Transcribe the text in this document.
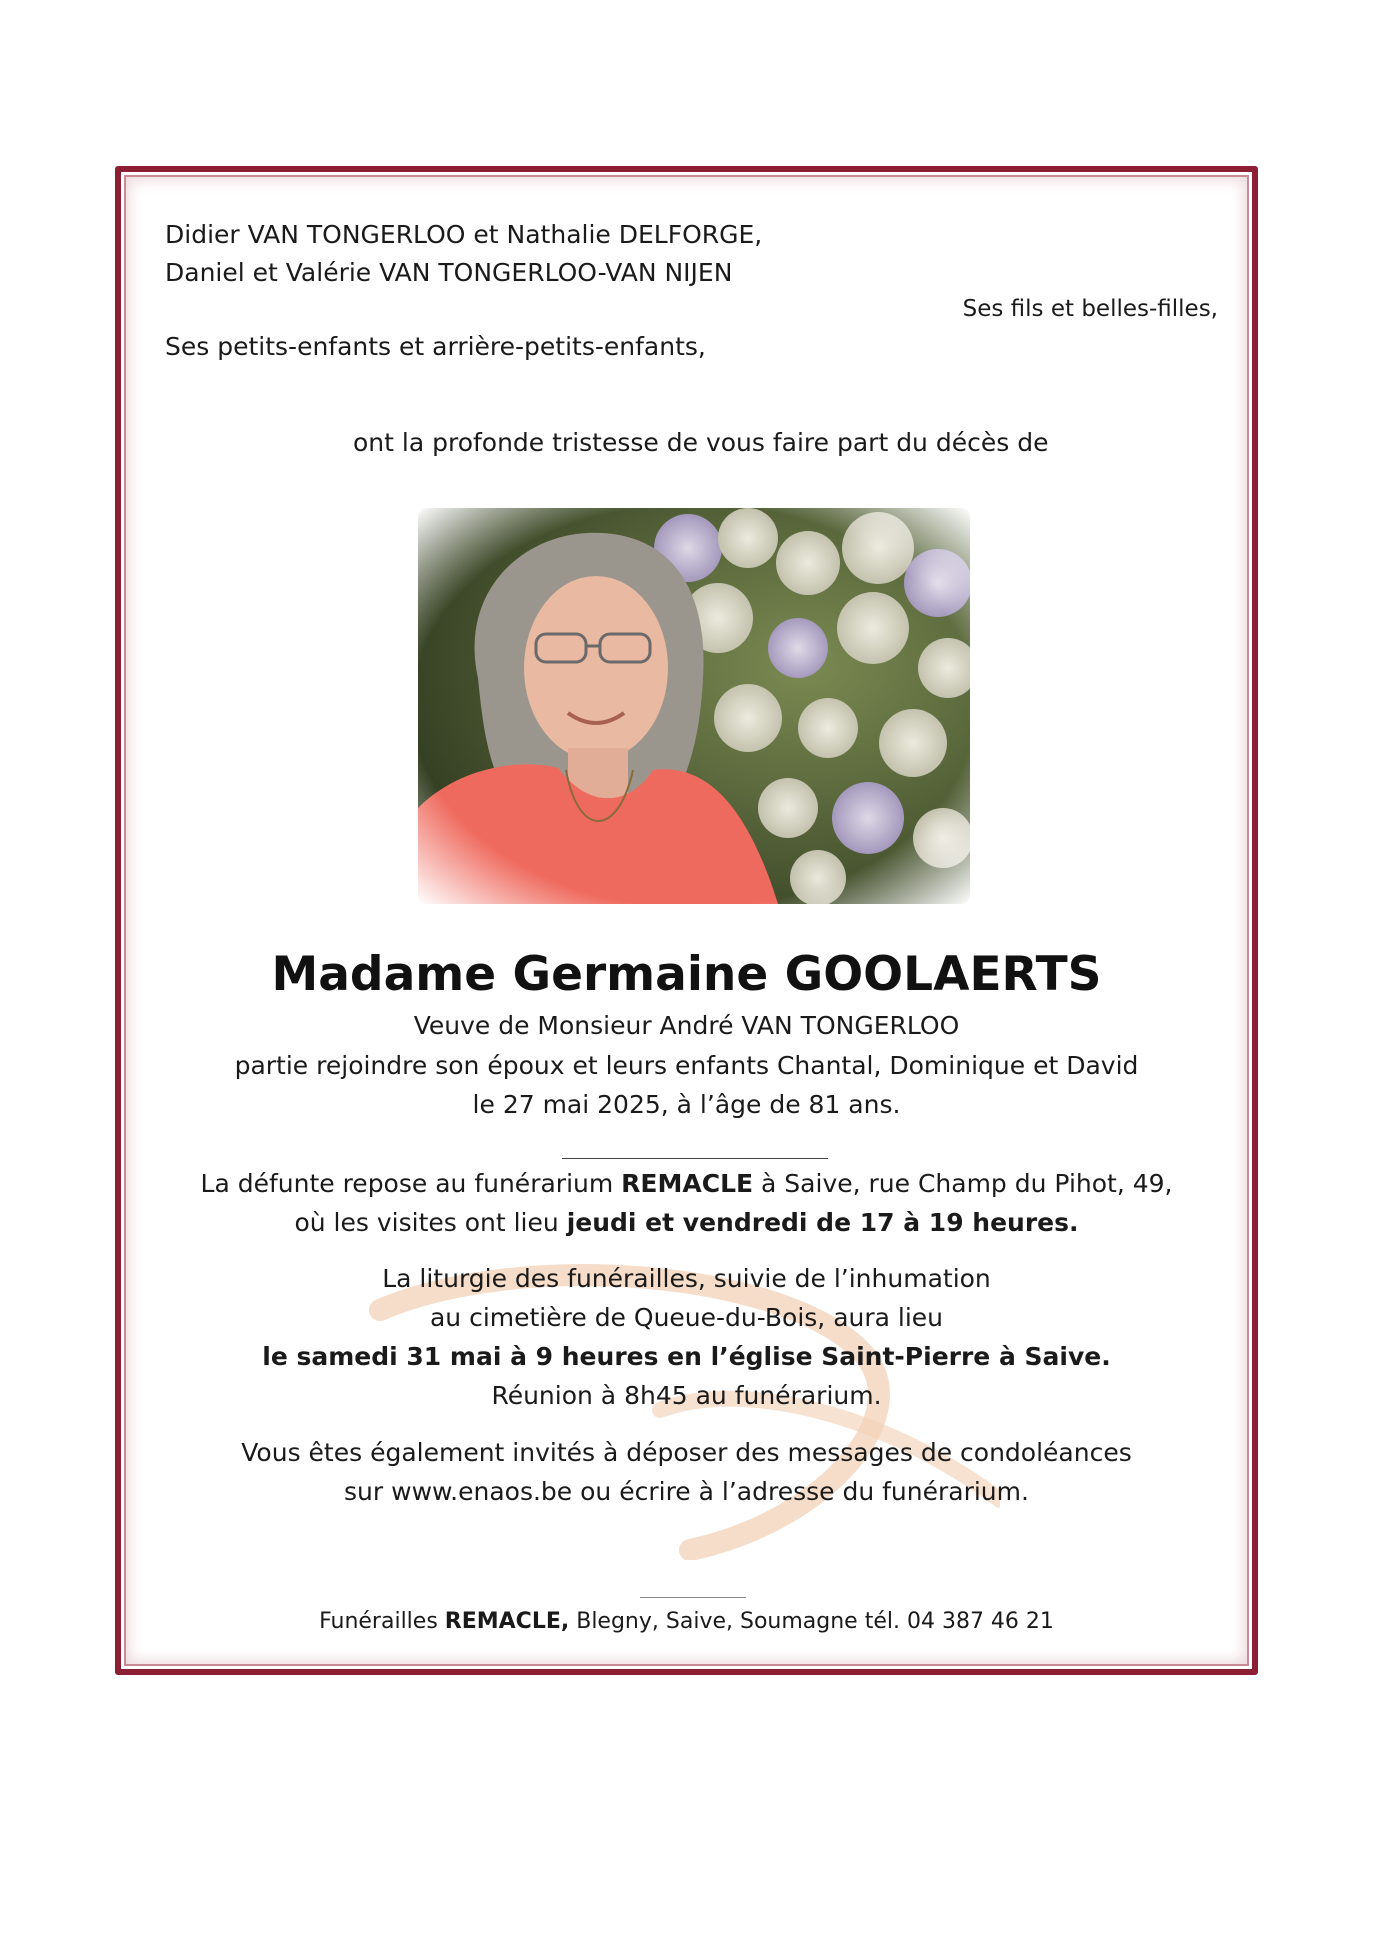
Didier VAN TONGERLOO et Nathalie DELFORGE,
Daniel et Valérie VAN TONGERLOO-VAN NIJEN
Ses fils et belles-filles,
Ses petits-enfants et arrière-petits-enfants,
ont la profonde tristesse de vous faire part du décès de
Madame Germaine GOOLAERTS
Veuve de Monsieur André VAN TONGERLOO
partie rejoindre son époux et leurs enfants Chantal, Dominique et David
le 27 mai 2025, à l’âge de 81 ans.
La défunte repose au funérarium REMACLE à Saive, rue Champ du Pihot, 49,
où les visites ont lieu jeudi et vendredi de 17 à 19 heures.
La liturgie des funérailles, suivie de l’inhumation
au cimetière de Queue-du-Bois, aura lieu
le samedi 31 mai à 9 heures en l’église Saint-Pierre à Saive.
Réunion à 8h45 au funérarium.
Vous êtes également invités à déposer des messages de condoléances
sur www.enaos.be ou écrire à l’adresse du funérarium.
Funérailles REMACLE, Blegny, Saive, Soumagne tél. 04 387 46 21
